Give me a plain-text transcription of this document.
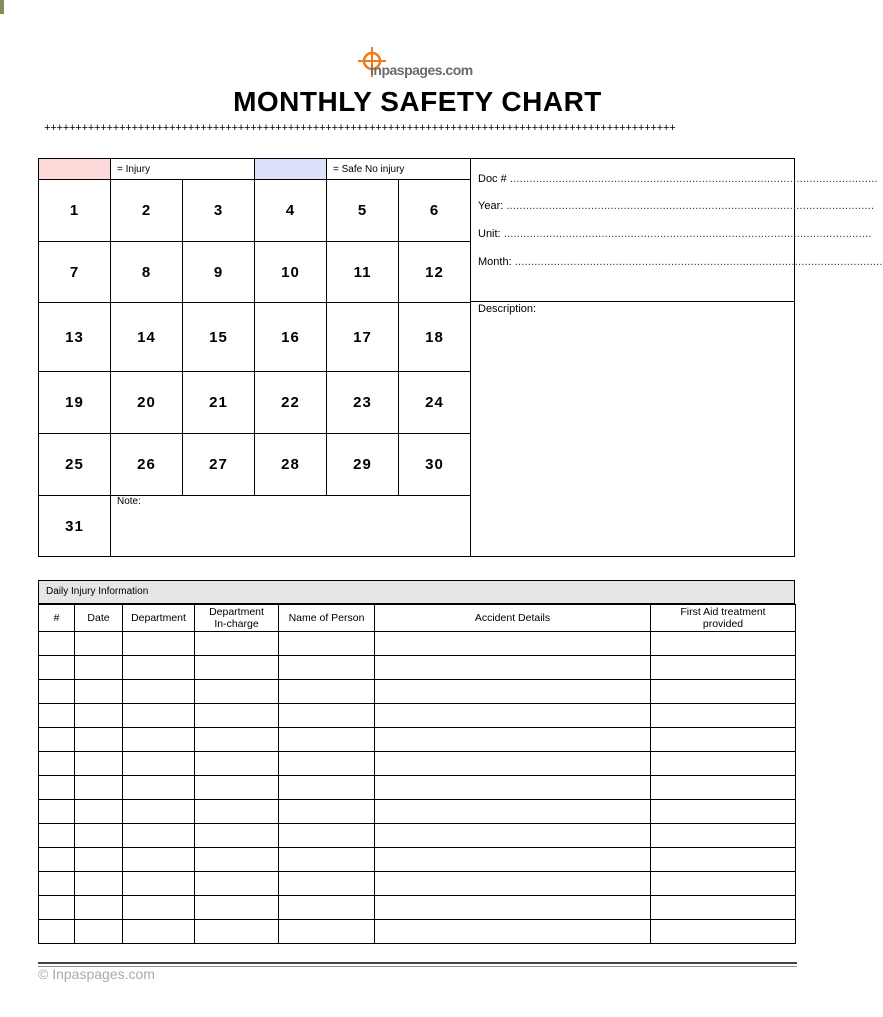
inpaspages.com
MONTHLY SAFETY CHART
+++++++++++++++++++++++++++++++++++++++++++++++++++++++++++++++++++++++++++++++++++++++++++++++++++++
= Injury	= Safe No injury
1	2	3	4	5	6
7	8	9	10	11	12
13	14	15	16	17	18
19	20	21	22	23	24
25	26	27	28	29	30
31
Note:
Doc # .................................................................................................................
Year: .................................................................................................................
Unit: .................................................................................................................
Month: .................................................................................................................
Description:
Daily Injury Information
#	Date	Department	Department In-charge	Name of Person	Accident Details	First Aid treatment provided

© Inpaspages.com
